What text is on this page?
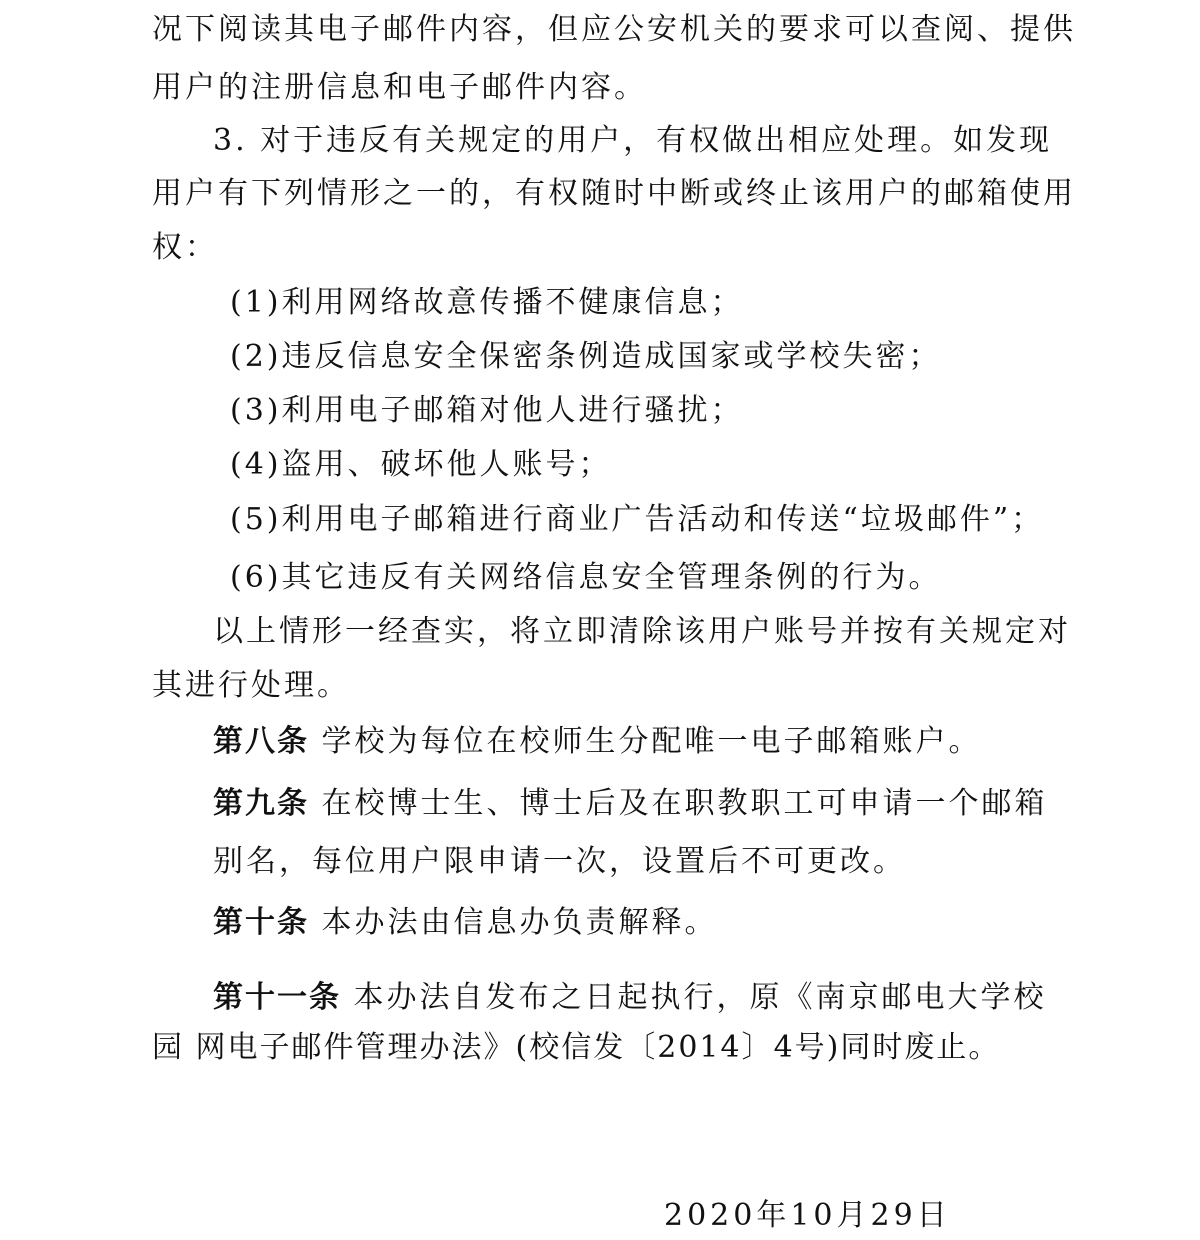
况下阅读其电子邮件内容，但应公安机关的要求可以查阅、提供
用户的注册信息和电子邮件内容。
3. 对于违反有关规定的用户，有权做出相应处理。如发现
用户有下列情形之一的，有权随时中断或终止该用户的邮箱使用
权：
(1)利用网络故意传播不健康信息；
(2)违反信息安全保密条例造成国家或学校失密；
(3)利用电子邮箱对他人进行骚扰；
(4)盗用、破坏他人账号；
(5)利用电子邮箱进行商业广告活动和传送“垃圾邮件”；
(6)其它违反有关网络信息安全管理条例的行为。
以上情形一经查实，将立即清除该用户账号并按有关规定对
其进行处理。
第八条 学校为每位在校师生分配唯一电子邮箱账户。
第九条 在校博士生、博士后及在职教职工可申请一个邮箱
别名，每位用户限申请一次，设置后不可更改。
第十条 本办法由信息办负责解释。
第十一条 本办法自发布之日起执行，原《南京邮电大学校
园 网电子邮件管理办法》(校信发〔2014〕4号)同时废止。
2020年10月29日
